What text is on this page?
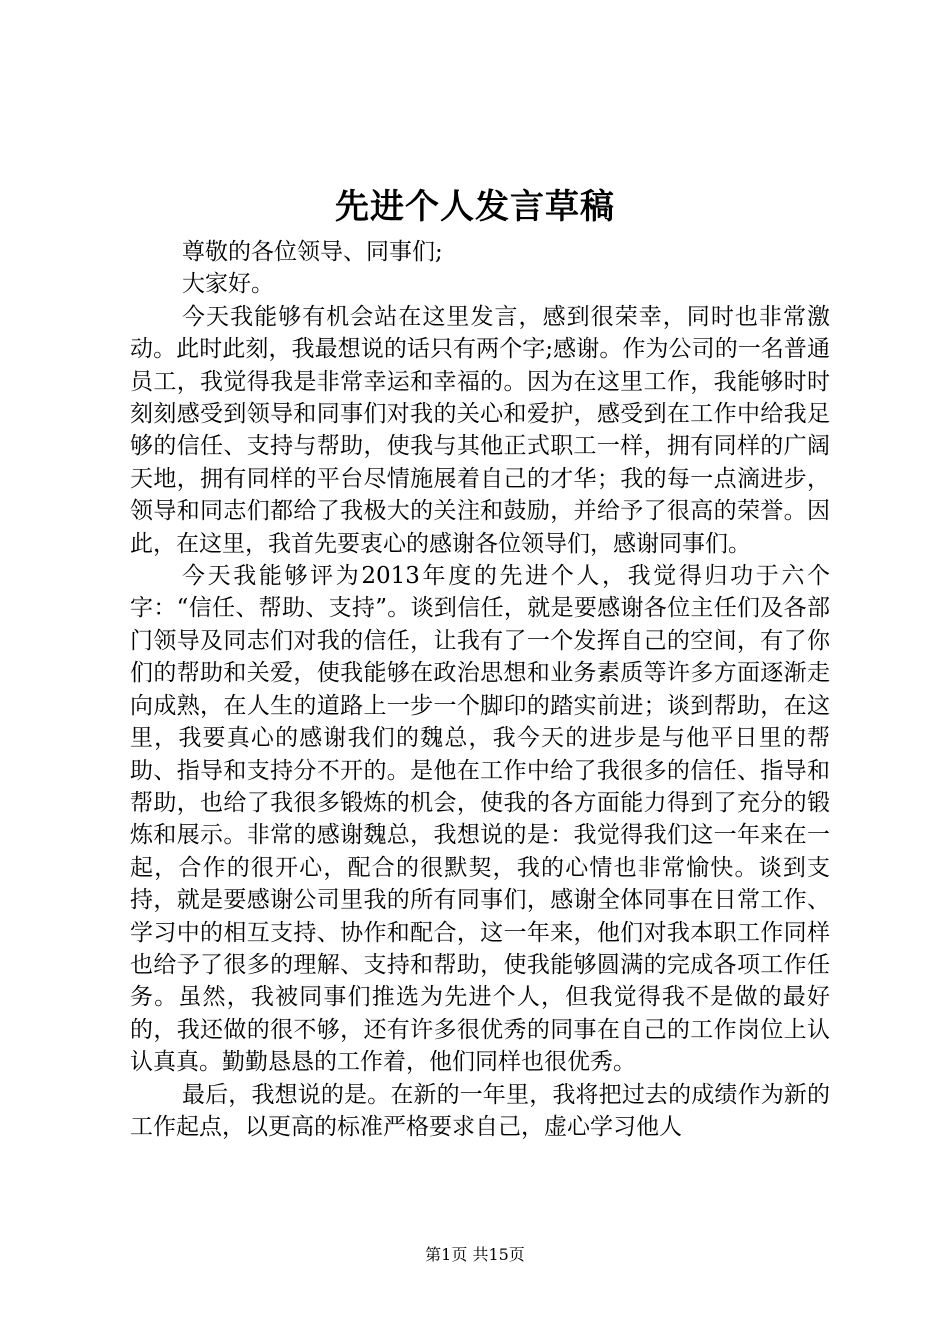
先进个人发言草稿

尊敬的各位领导、同事们;

大家好。

今天我能够有机会站在这里发言，感到很荣幸，同时也非常激动。此时此刻，我最想说的话只有两个字;感谢。作为公司的一名普通员工，我觉得我是非常幸运和幸福的。因为在这里工作，我能够时时刻刻感受到领导和同事们对我的关心和爱护，感受到在工作中给我足够的信任、支持与帮助，使我与其他正式职工一样，拥有同样的广阔天地，拥有同样的平台尽情施展着自己的才华；我的每一点滴进步，领导和同志们都给了我极大的关注和鼓励，并给予了很高的荣誉。因此，在这里，我首先要衷心的感谢各位领导们，感谢同事们。

今天我能够评为2013年度的先进个人，我觉得归功于六个字：“信任、帮助、支持”。谈到信任，就是要感谢各位主任们及各部门领导及同志们对我的信任，让我有了一个发挥自己的空间，有了你们的帮助和关爱，使我能够在政治思想和业务素质等许多方面逐渐走向成熟，在人生的道路上一步一个脚印的踏实前进；谈到帮助，在这里，我要真心的感谢我们的魏总，我今天的进步是与他平日里的帮助、指导和支持分不开的。是他在工作中给了我很多的信任、指导和帮助，也给了我很多锻炼的机会，使我的各方面能力得到了充分的锻炼和展示。非常的感谢魏总，我想说的是：我觉得我们这一年来在一起，合作的很开心，配合的很默契，我的心情也非常愉快。谈到支持，就是要感谢公司里我的所有同事们，感谢全体同事在日常工作、学习中的相互支持、协作和配合，这一年来，他们对我本职工作同样也给予了很多的理解、支持和帮助，使我能够圆满的完成各项工作任务。虽然，我被同事们推选为先进个人，但我觉得我不是做的最好的，我还做的很不够，还有许多很优秀的同事在自己的工作岗位上认认真真。勤勤恳恳的工作着，他们同样也很优秀。

最后，我想说的是。在新的一年里，我将把过去的成绩作为新的工作起点，以更高的标准严格要求自己，虚心学习他人

第1页 共15页
